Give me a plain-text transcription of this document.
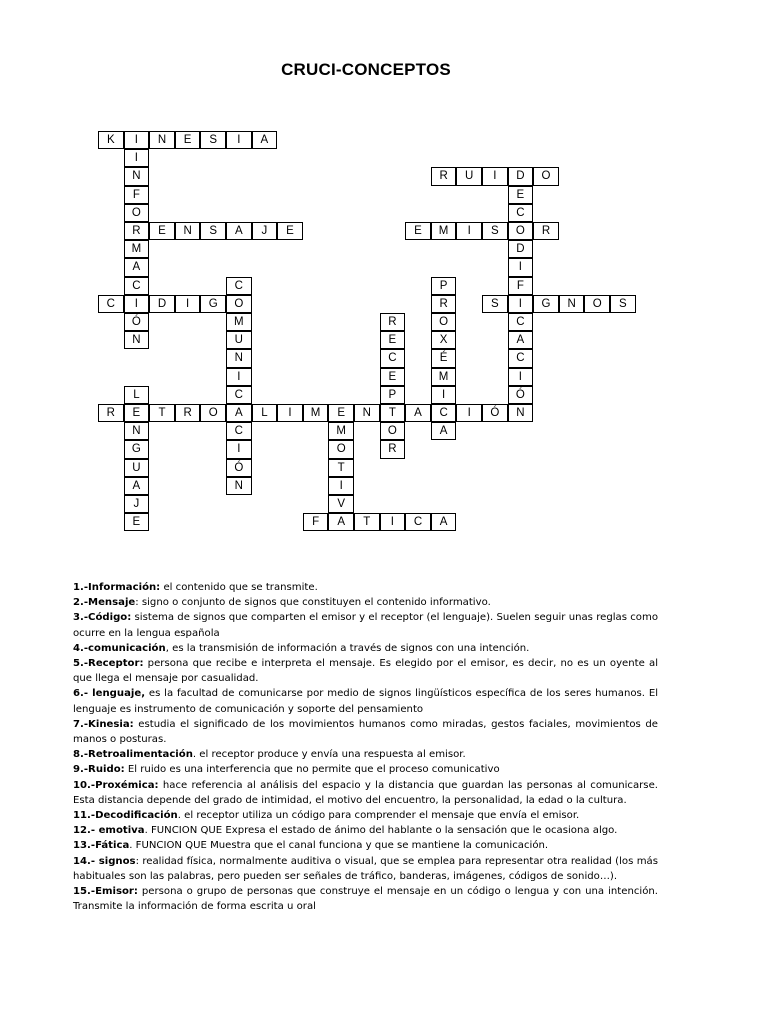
CRUCI-CONCEPTOS
K	I	N	E	S	I	A
I
N
F
O
R
M
A
C
I
Ó
N
R	U	I	D	O
E
C
O
D
I
F
I
C
A
C
I
Ó
N
E	N	S	A	J	E	E	M	I	S	R
C
O
M
U
N
I
C
A
C
I
Ó
N
P
R
O
X
É
M
I
C
A
C	D	I	G	S	G	N	O	S
R
E
C
E
P
T
O
R
L
E
N
G
U
A
J
E
R	T	R	O	L	I	M	E	N	A	I	Ó
M
O
T
I
V
A
F	T	I	C	A

1.-Información: el contenido que se transmite.

2.-Mensaje: signo o conjunto de signos que constituyen el contenido informativo.

3.-Código: sistema de signos que comparten el emisor y el receptor (el lenguaje). Suelen seguir unas reglas como ocurre en la lengua española

4.-comunicación, es la transmisión de información a través de signos con una intención.

5.-Receptor: persona que recibe e interpreta el mensaje. Es elegido por el emisor, es decir, no es un oyente al que llega el mensaje por casualidad.

6.- lenguaje, es la facultad de comunicarse por medio de signos lingüísticos específica de los seres humanos. El lenguaje es instrumento de comunicación y soporte del pensamiento

7.-Kinesia: estudia el significado de los movimientos humanos como miradas, gestos faciales, movimientos de manos o posturas.

8.-Retroalimentación. el receptor produce y envía una respuesta al emisor.

9.-Ruido: El ruido es una interferencia que no permite que el proceso comunicativo

10.-Proxémica: hace referencia al análisis del espacio y la distancia que guardan las personas al comunicarse. Esta distancia depende del grado de intimidad, el motivo del encuentro, la personalidad, la edad o la cultura.

11.-Decodificación. el receptor utiliza un código para comprender el mensaje que envía el emisor.

12.- emotiva. FUNCION QUE Expresa el estado de ánimo del hablante o la sensación que le ocasiona algo.

13.-Fática. FUNCION QUE Muestra que el canal funciona y que se mantiene la comunicación.

14.- signos: realidad física, normalmente auditiva o visual, que se emplea para representar otra realidad (los más habituales son las palabras, pero pueden ser señales de tráfico, banderas, imágenes, códigos de sonido…).

15.-Emisor: persona o grupo de personas que construye el mensaje en un código o lengua y con una intención. Transmite la información de forma escrita u oral
